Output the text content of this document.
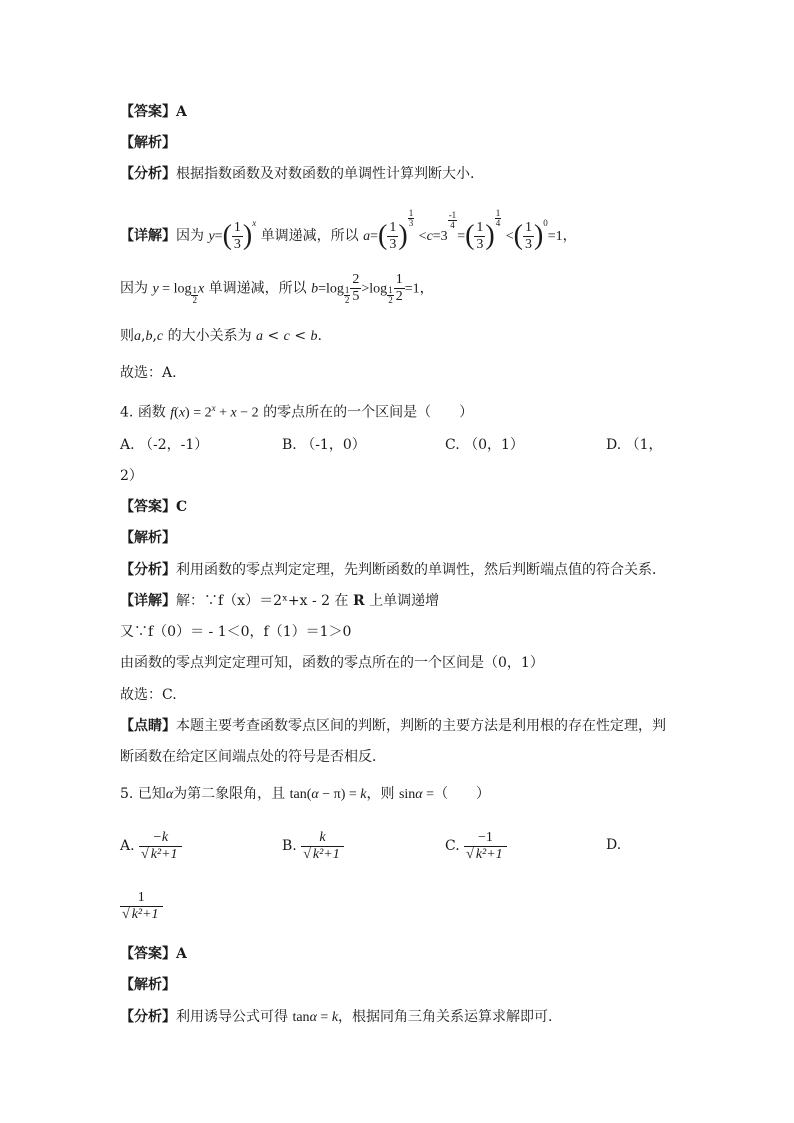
【答案】A
【解析】
【分析】根据指数函数及对数函数的单调性计算判断大小.
【详解】因为 $y=( \frac{1}{3} )^x$ 单调递减，所以 $a=( \frac{1}{3}$ )
$\frac{1}{3}$
<c=3
$\frac{-1}{4}$
=( $\frac{1}{3}$ )
$\frac{1}{4}$
<( $\frac{1}{3} )^0=1$，
因为 $y = \log \frac{1}{2}$ x 单调递减，所以 $b=\log \frac{1}{2} \frac{2}{5} >\log \frac{1}{2} \frac{1}{2} =1$，
则a,b,c 的大小关系为 a < c < b.
故选：A.
4. 函数 $f(x) = 2^x + x - 2$ 的零点所在的一个区间是（　　）
A. （-2，-1）	B. （-1，0）	C. （0，1）	D. （1，
2）
【答案】C
【解析】
【分析】利用函数的零点判定定理，先判断函数的单调性，然后判断端点值的符合关系．
【详解】解：∵f（x）＝2ˣ+x - 2 在 R 上单调递增
又∵f（0）＝ - 1＜0，f（1）＝1＞0
由函数的零点判定定理可知，函数的零点所在的一个区间是（0，1）
故选：C.
【点睛】本题主要考查函数零点区间的判断，判断的主要方法是利用根的存在性定理，判
断函数在给定区间端点处的符号是否相反．
5. 已知α为第二象限角，且 tan(α − π) = k，则 sinα =（　　）
A. $\frac{-k}{\text{√ k²+1}}$	B. $\frac{k}{\text{√ k²+1}}$	C. $\frac{-1}{\text{√ k²+1}}$	D.
$\frac{1}{\text{√ k²+1}}$
【答案】A
【解析】
【分析】利用诱导公式可得 tanα = k，根据同角三角关系运算求解即可.
